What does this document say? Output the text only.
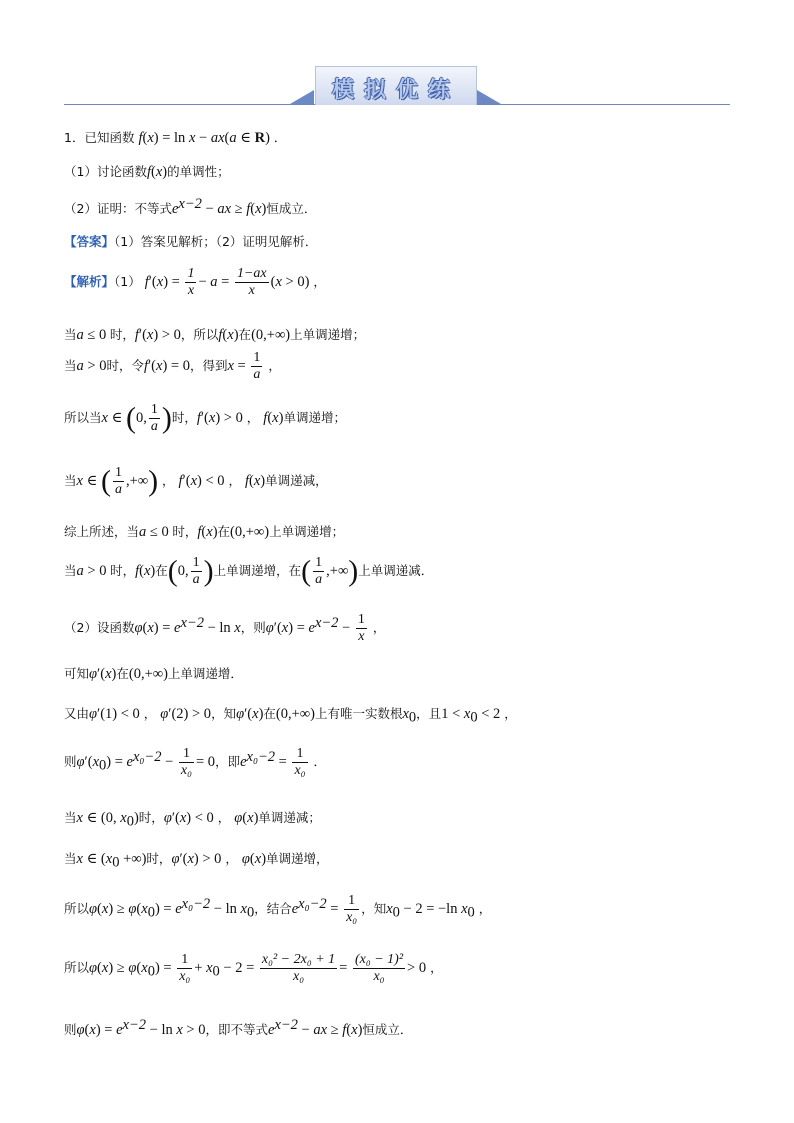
模拟优练
1．已知函数 f(x) = ln x − ax(a ∈ R) ．
（1）讨论函数f(x)的单调性；
（2）证明：不等式$e^{x-2}$ − ax ≥ f(x)恒成立．
【答案】（1）答案见解析；（2）证明见解析．
【解析】（1） $f'(x) = \frac{1}{x} - a = \frac{1-ax}{x} (x > 0)$ ，
当a ≤ 0 时，f′(x) > 0，所以f(x)在(0,+∞)上单调递增；
当a > 0时，令f′(x) = 0，得到$x = \frac{1}{a}$ ，
所以当x ∈ (0, $\frac{1}{a}$ )时，f′(x) > 0 ， f(x)单调递增；
当x ∈ ( $\frac{1}{a}$ ,+∞) ， f′(x) < 0 ， f(x)单调递减，
综上所述，当a ≤ 0 时，f(x)在(0,+∞)上单调递增；
当a > 0 时，f(x)在(0, $\frac{1}{a}$ )上单调递增，在( $\frac{1}{a}$ ,+∞)上单调递减．
（2）设函数$\varphi(x) = e^{x-2} - \ln x$，则$\varphi'(x) = e^{x-2} - \frac{1}{x}$ ，
可知φ′(x)在(0,+∞)上单调递增．
又由φ′(1) < 0 ， φ′(2) > 0，知φ′(x)在(0,+∞)上有唯一实数根$x_0$，且$1 < x_0 < 2$ ，
则$\varphi'(x_0) = e^{x_0-2} - \frac{1}{\text{x₀}} = 0$，即$e^{x_0-2} = \frac{1}{\text{x₀}}$ ．
当x ∈ (0, $x_0$)时，φ′(x) < 0 ， φ(x)单调递减；
当x ∈ ($x_0$ +∞)时，φ′(x) > 0 ， φ(x)单调递增，
所以$\varphi(x) \ge \varphi(x_0) = e^{x_0-2} - \ln x_0$，结合$e^{x_0-2} = \frac{1}{\text{x₀}}$ ，知$x_0 - 2 = -\ln$ $x_0$ ，
所以$\varphi(x) \ge \varphi(x_0) = \frac{1}{\text{x₀}} + x_0 - 2 = \frac{\text{x₀² − 2x₀ + 1}}{\text{x₀}} = \frac{\text{(x₀ − 1)²}}{\text{x₀}} > 0$ ，
则$\varphi(x) = e^{x-2} - \ln x > 0$，即不等式$e^{x-2}$ − ax ≥ f(x)恒成立．
